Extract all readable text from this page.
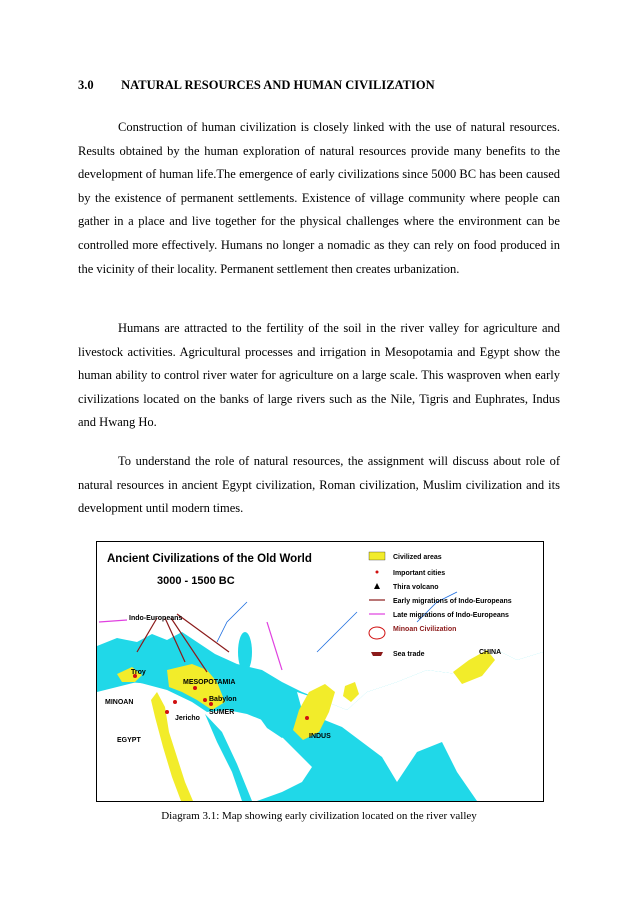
3.0 NATURAL RESOURCES AND HUMAN CIVILIZATION

Construction of human civilization is closely linked with the use of natural resources. Results obtained by the human exploration of natural resources provide many benefits to the development of human life.The emergence of early civilizations since 5000 BC has been caused by the existence of permanent settlements. Existence of village community where people can gather in a place and live together for the physical challenges where the environment can be controlled more effectively. Humans no longer a nomadic as they can rely on food produced in the vicinity of their locality. Permanent settlement then creates urbanization.

Humans are attracted to the fertility of the soil in the river valley for agriculture and livestock activities. Agricultural processes and irrigation in Mesopotamia and Egypt show the human ability to control river water for agriculture on a large scale. This wasproven when early civilizations located on the banks of large rivers such as the Nile, Tigris and Euphrates, Indus and Hwang Ho.

To understand the role of natural resources, the assignment will discuss about role of natural resources in ancient Egypt civilization, Roman civilization, Muslim civilization and its development until modern times.

Ancient Civilizations of the Old World
3000 - 1500 BC
Civilized areas
Important cities
Thira volcano
Early migrations of Indo-Europeans
Late migrations of Indo-Europeans
Minoan Civilization
Sea trade
Indo-Europeans
Troy
MINOAN
MESOPOTAMIA
Babylon
SUMER
Jericho
EGYPT
INDUS
CHINA
Diagram 3.1: Map showing early civilization located on the river valley
